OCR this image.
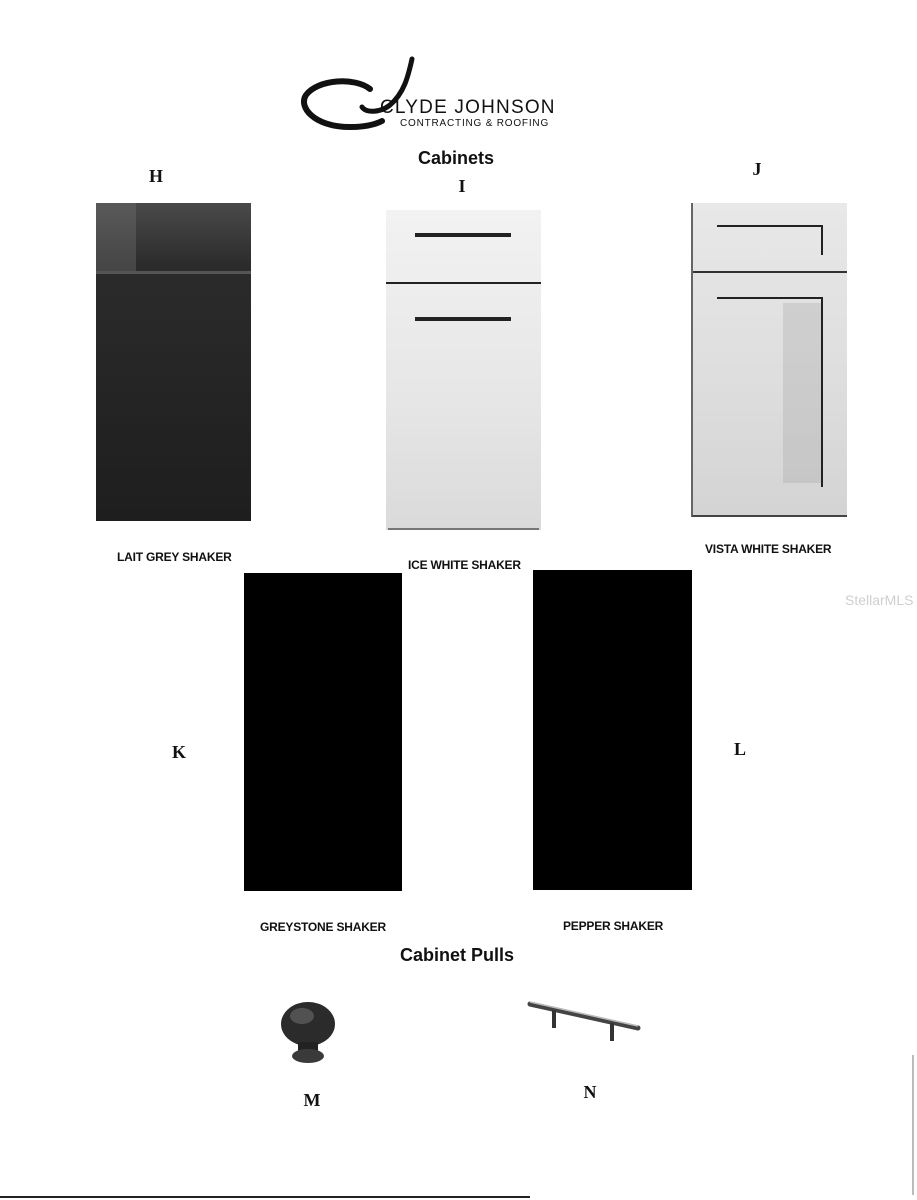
CLYDE JOHNSON
CONTRACTING & ROOFING
Cabinets
H	I
J
K	L
LAIT GREY SHAKER
ICE WHITE SHAKER
VISTA WHITE SHAKER
GREYSTONE SHAKER	PEPPER SHAKER
Cabinet Pulls
M	N
StellarMLS
